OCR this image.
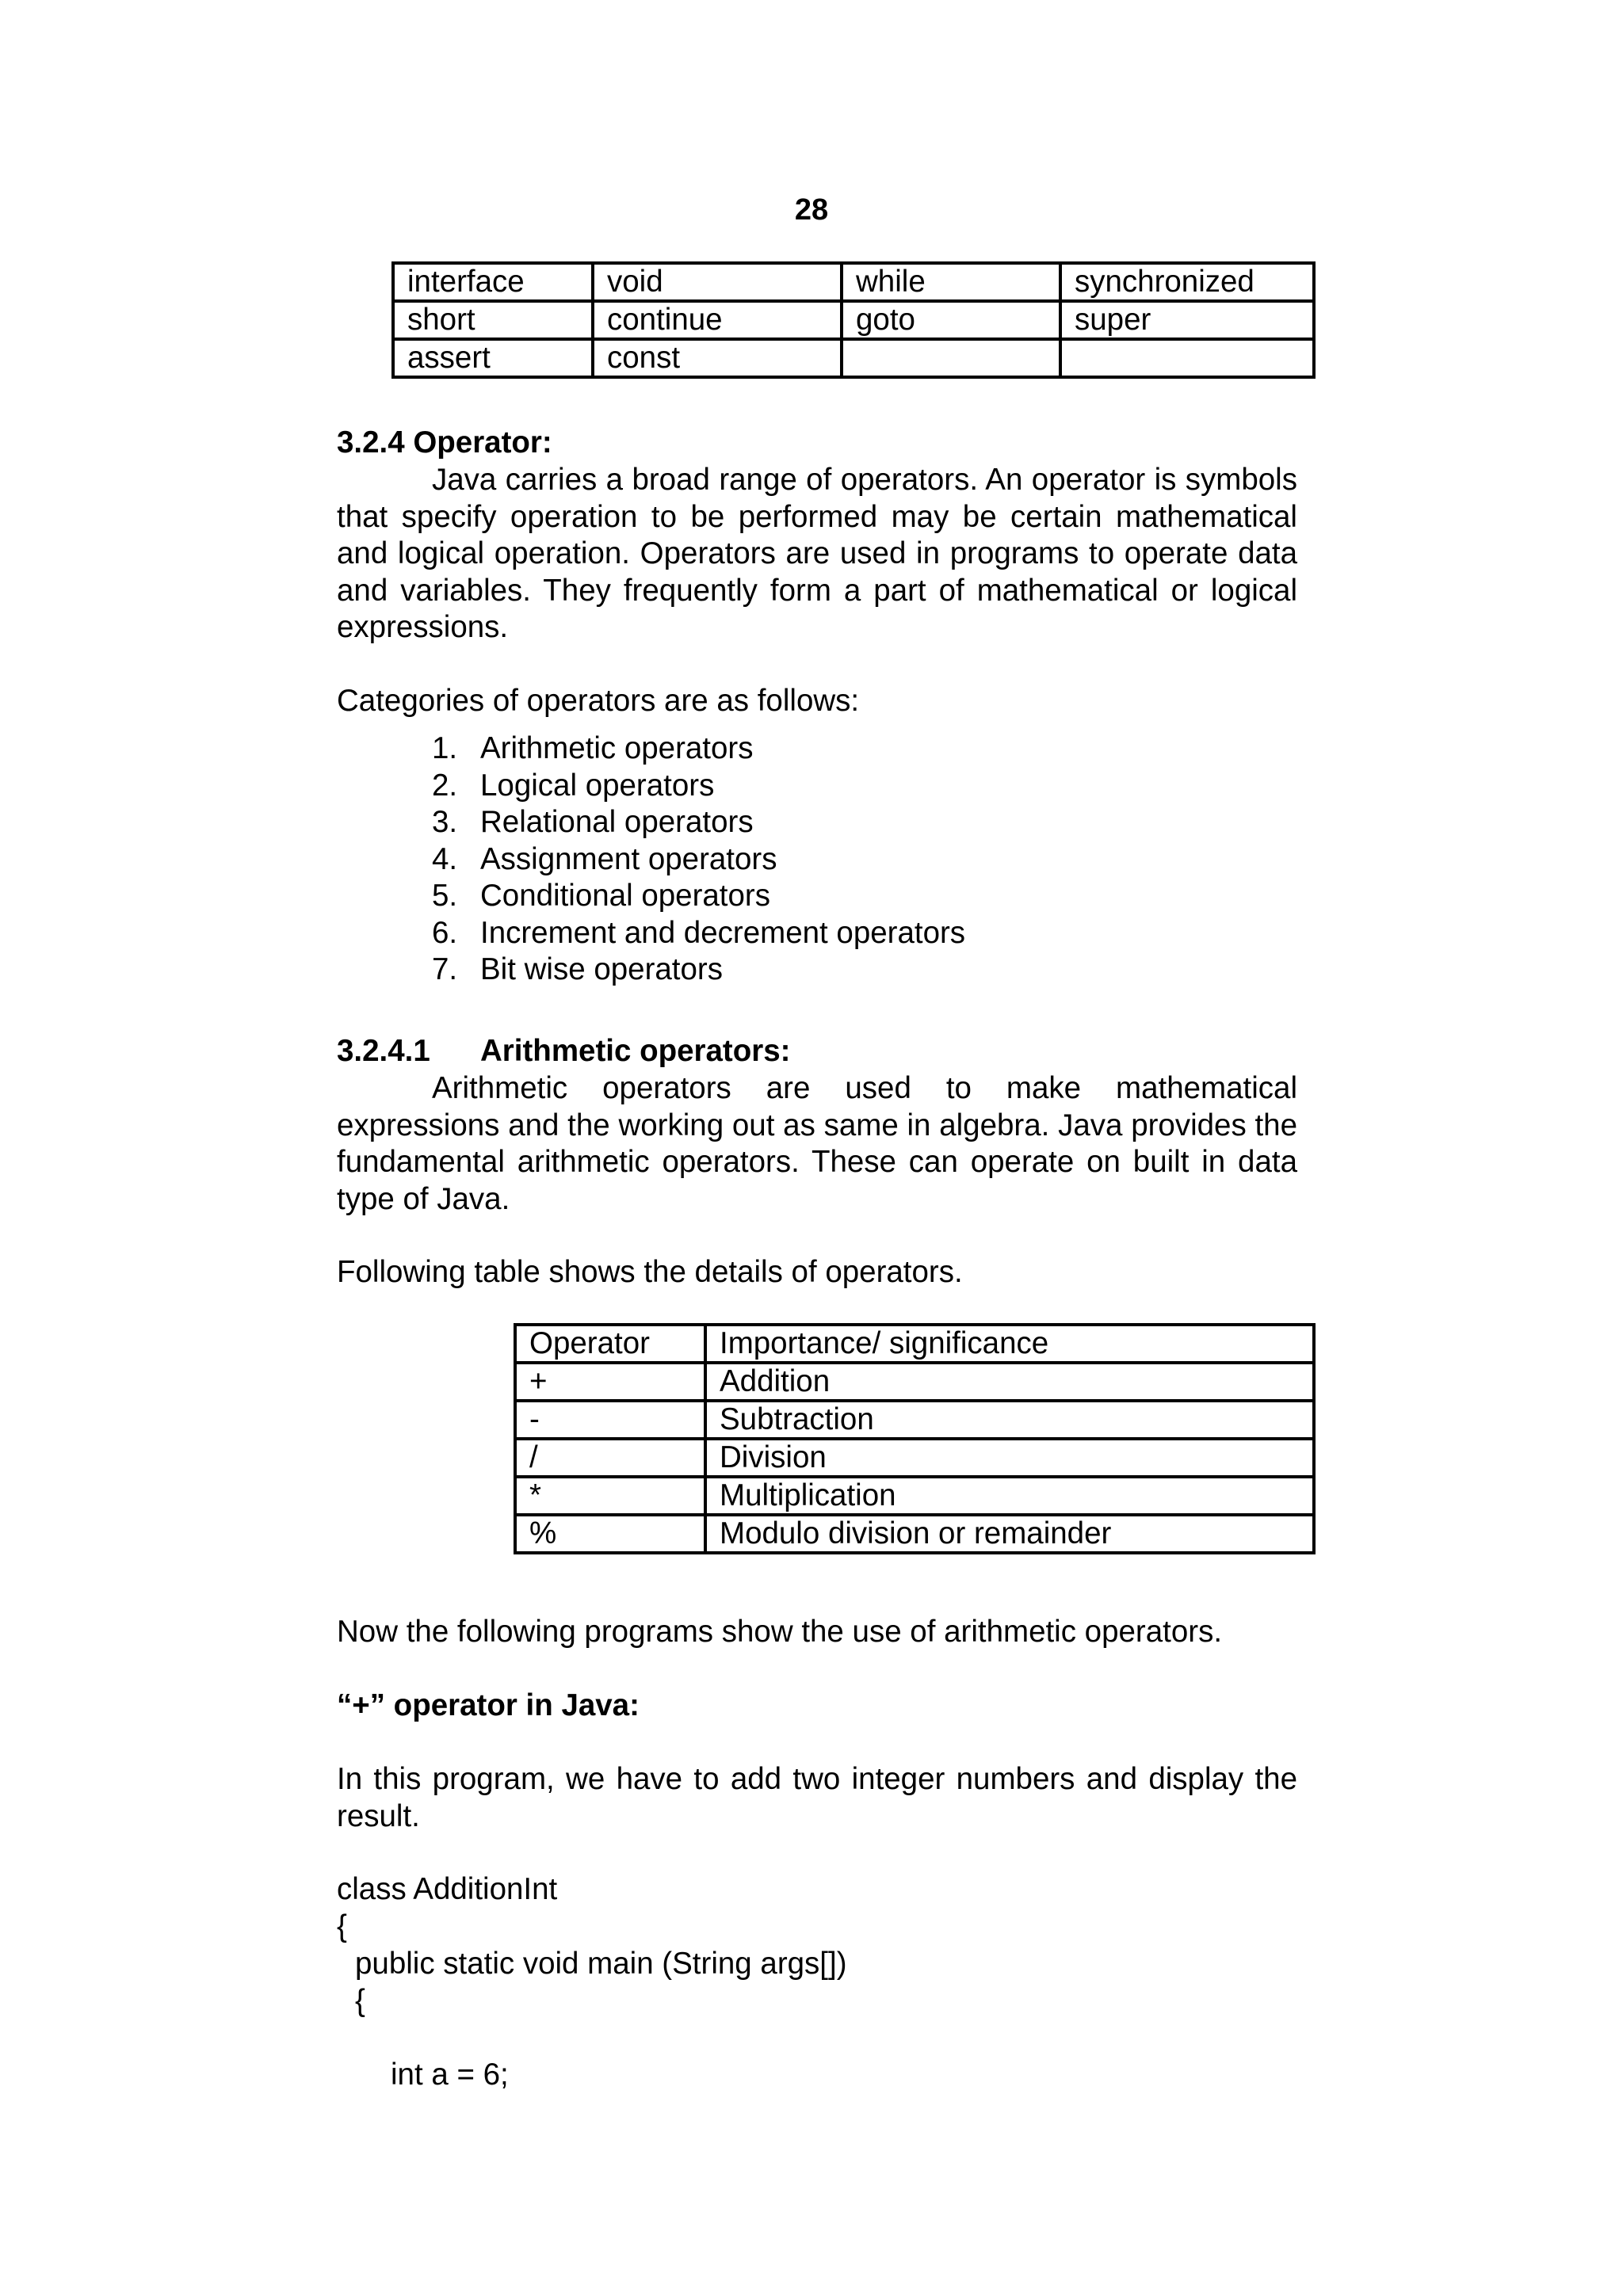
28
interface	void	while	synchronized
short	continue	goto	super
assert	const		
3.2.4 Operator:
Java carries a broad range of operators. An operator is symbols that specify operation to be performed may be certain mathematical and logical operation. Operators are used in programs to operate data and variables. They frequently form a part of mathematical or logical expressions.
Categories of operators are as follows:
1. Arithmetic operators
2. Logical operators
3. Relational operators
4. Assignment operators
5. Conditional operators
6. Increment and decrement operators
7. Bit wise operators
3.2.4.1 Arithmetic operators:
Arithmetic operators are used to make mathematical expressions and the working out as same in algebra. Java provides the fundamental arithmetic operators. These can operate on built in data type of Java.
Following table shows the details of operators.
Operator	Importance/ significance
+	Addition
-	Subtraction
/	Division
*	Multiplication
%	Modulo division or remainder
Now the following programs show the use of arithmetic operators.
“+” operator in Java:
In this program, we have to add two integer numbers and display the result.
class AdditionInt
{
public static void main (String args[])
{
int a = 6;
